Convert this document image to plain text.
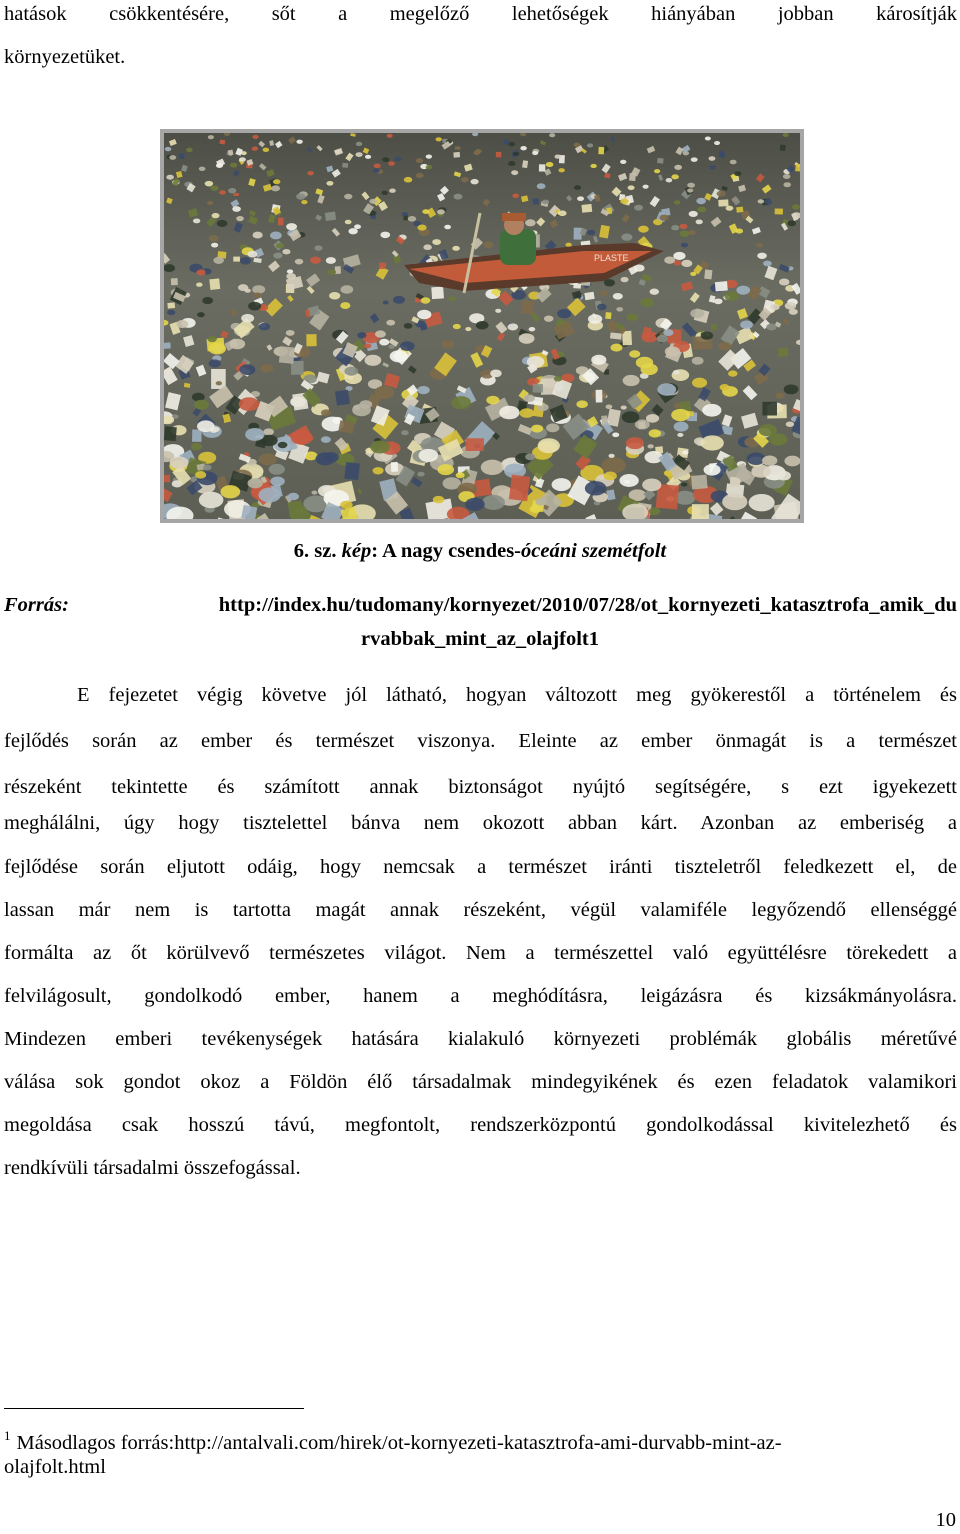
hatások csökkentésére, sőt a megelőző lehetőségek hiányában jobban károsítják
környezetüket.
PLASTE
6. sz. kép: A nagy csendes-óceáni szemétfolt
Forrás: http://index.hu/tudomany/kornyezet/2010/07/28/ot_kornyezeti_katasztrofa_amik_du
rvabbak_mint_az_olajfolt1
E fejezetet végig követve jól látható, hogyan változott meg gyökerestől a történelem és
fejlődés során az ember és természet viszonya. Eleinte az ember önmagát is a természet
részeként tekintette és számított annak biztonságot nyújtó segítségére, s ezt igyekezett
meghálálni, úgy hogy tisztelettel bánva nem okozott abban kárt. Azonban az emberiség a
fejlődése során eljutott odáig, hogy nemcsak a természet iránti tiszteletről feledkezett el, de
lassan már nem is tartotta magát annak részeként, végül valamiféle legyőzendő ellenséggé
formálta az őt körülvevő természetes világot. Nem a természettel való együttélésre törekedett a
felvilágosult, gondolkodó ember, hanem a meghódításra, leigázásra és kizsákmányolásra.
Mindezen emberi tevékenységek hatására kialakuló környezeti problémák globális méretűvé
válása sok gondot okoz a Földön élő társadalmak mindegyikének és ezen feladatok valamikori
megoldása csak hosszú távú, megfontolt, rendszerközpontú gondolkodással kivitelezhető és
rendkívüli társadalmi összefogással.
$^1$ Másodlagos forrás:http://antalvali.com/hirek/ot-kornyezeti-katasztrofa-ami-durvabb-mint-az-
olajfolt.html
10
